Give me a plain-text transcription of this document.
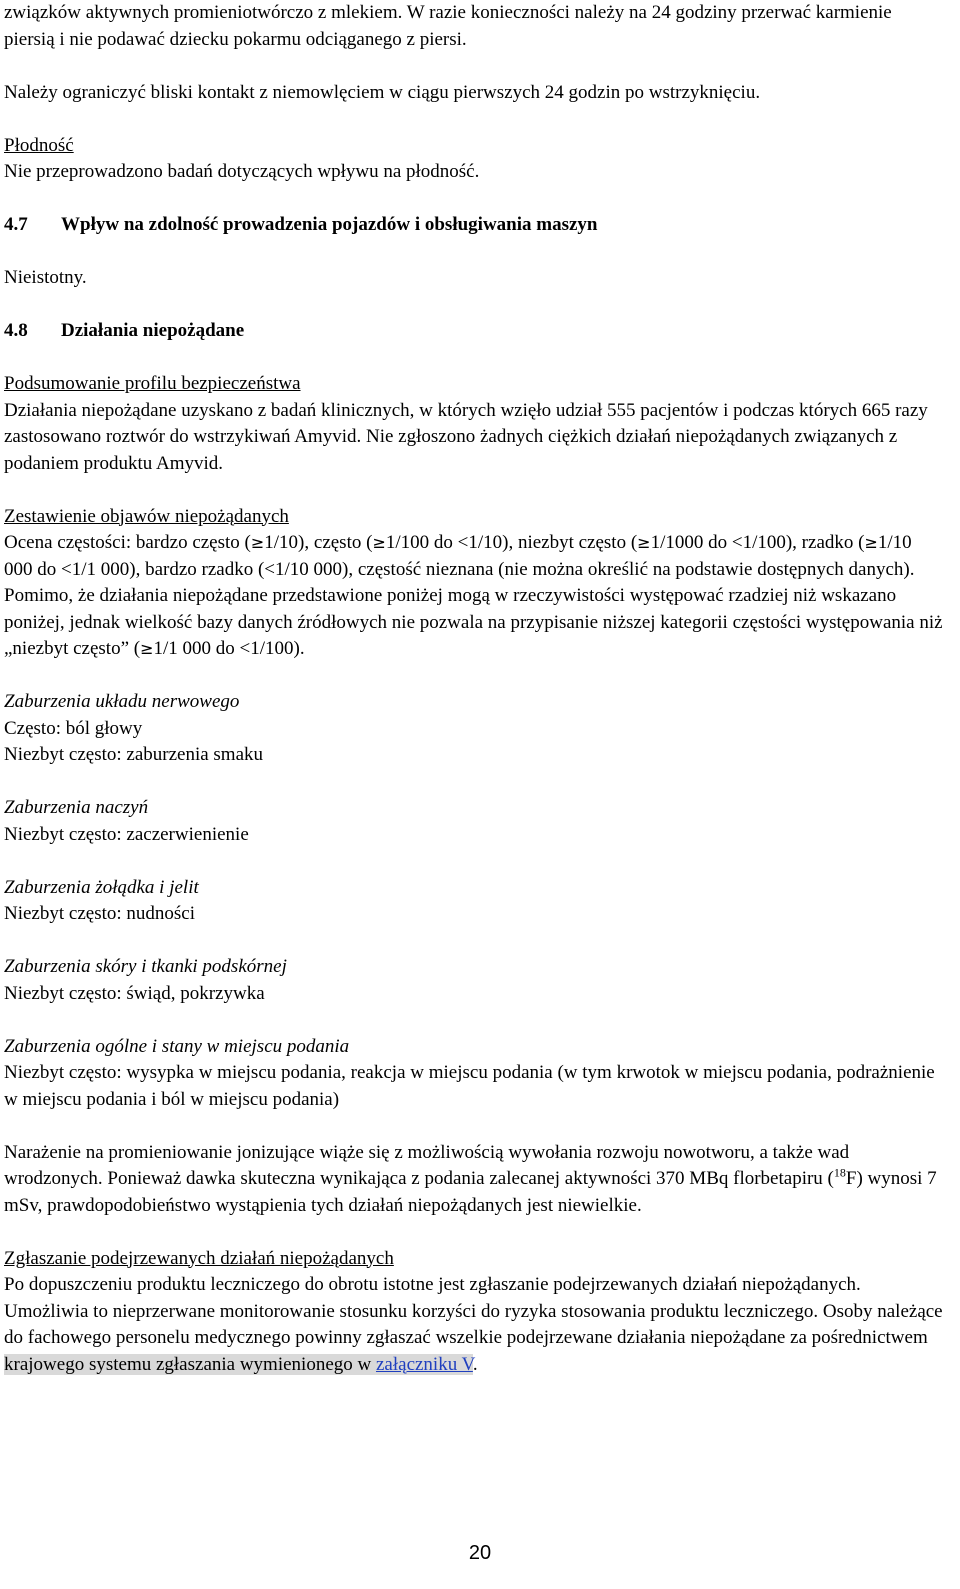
związków aktywnych promieniotwórczo z mlekiem. W razie konieczności należy na 24 godziny przerwać karmienie piersią i nie podawać dziecku pokarmu odciąganego z piersi.

Należy ograniczyć bliski kontakt z niemowlęciem w ciągu pierwszych 24 godzin po wstrzyknięciu.

Płodność

Nie przeprowadzono badań dotyczących wpływu na płodność.

4.7 Wpływ na zdolność prowadzenia pojazdów i obsługiwania maszyn

Nieistotny.

4.8 Działania niepożądane

Podsumowanie profilu bezpieczeństwa

Działania niepożądane uzyskano z badań klinicznych, w których wzięło udział 555 pacjentów i podczas których 665 razy zastosowano roztwór do wstrzykiwań Amyvid. Nie zgłoszono żadnych ciężkich działań niepożądanych związanych z podaniem produktu Amyvid.

Zestawienie objawów niepożądanych

Ocena częstości: bardzo często (≥1/10), często (≥1/100 do <1/10), niezbyt często (≥1/1000 do <1/100), rzadko (≥1/10 000 do <1/1 000), bardzo rzadko (<1/10 000), częstość nieznana (nie można określić na podstawie dostępnych danych). Pomimo, że działania niepożądane przedstawione poniżej mogą w rzeczywistości występować rzadziej niż wskazano poniżej, jednak wielkość bazy danych źródłowych nie pozwala na przypisanie niższej kategorii częstości występowania niż „niezbyt często” (≥1/1 000 do <1/100).

Zaburzenia układu nerwowego

Często: ból głowy

Niezbyt często: zaburzenia smaku

Zaburzenia naczyń

Niezbyt często: zaczerwienienie

Zaburzenia żołądka i jelit

Niezbyt często: nudności

Zaburzenia skóry i tkanki podskórnej

Niezbyt często: świąd, pokrzywka

Zaburzenia ogólne i stany w miejscu podania

Niezbyt często: wysypka w miejscu podania, reakcja w miejscu podania (w tym krwotok w miejscu podania, podrażnienie w miejscu podania i ból w miejscu podania)

Narażenie na promieniowanie jonizujące wiąże się z możliwością wywołania rozwoju nowotworu, a także wad wrodzonych. Ponieważ dawka skuteczna wynikająca z podania zalecanej aktywności 370 MBq florbetapiru ($^{18}$F) wynosi 7 mSv, prawdopodobieństwo wystąpienia tych działań niepożądanych jest niewielkie.

Zgłaszanie podejrzewanych działań niepożądanych

Po dopuszczeniu produktu leczniczego do obrotu istotne jest zgłaszanie podejrzewanych działań niepożądanych. Umożliwia to nieprzerwane monitorowanie stosunku korzyści do ryzyka stosowania produktu leczniczego. Osoby należące do fachowego personelu medycznego powinny zgłaszać wszelkie podejrzewane działania niepożądane za pośrednictwem krajowego systemu zgłaszania wymienionego w załączniku V.

20
